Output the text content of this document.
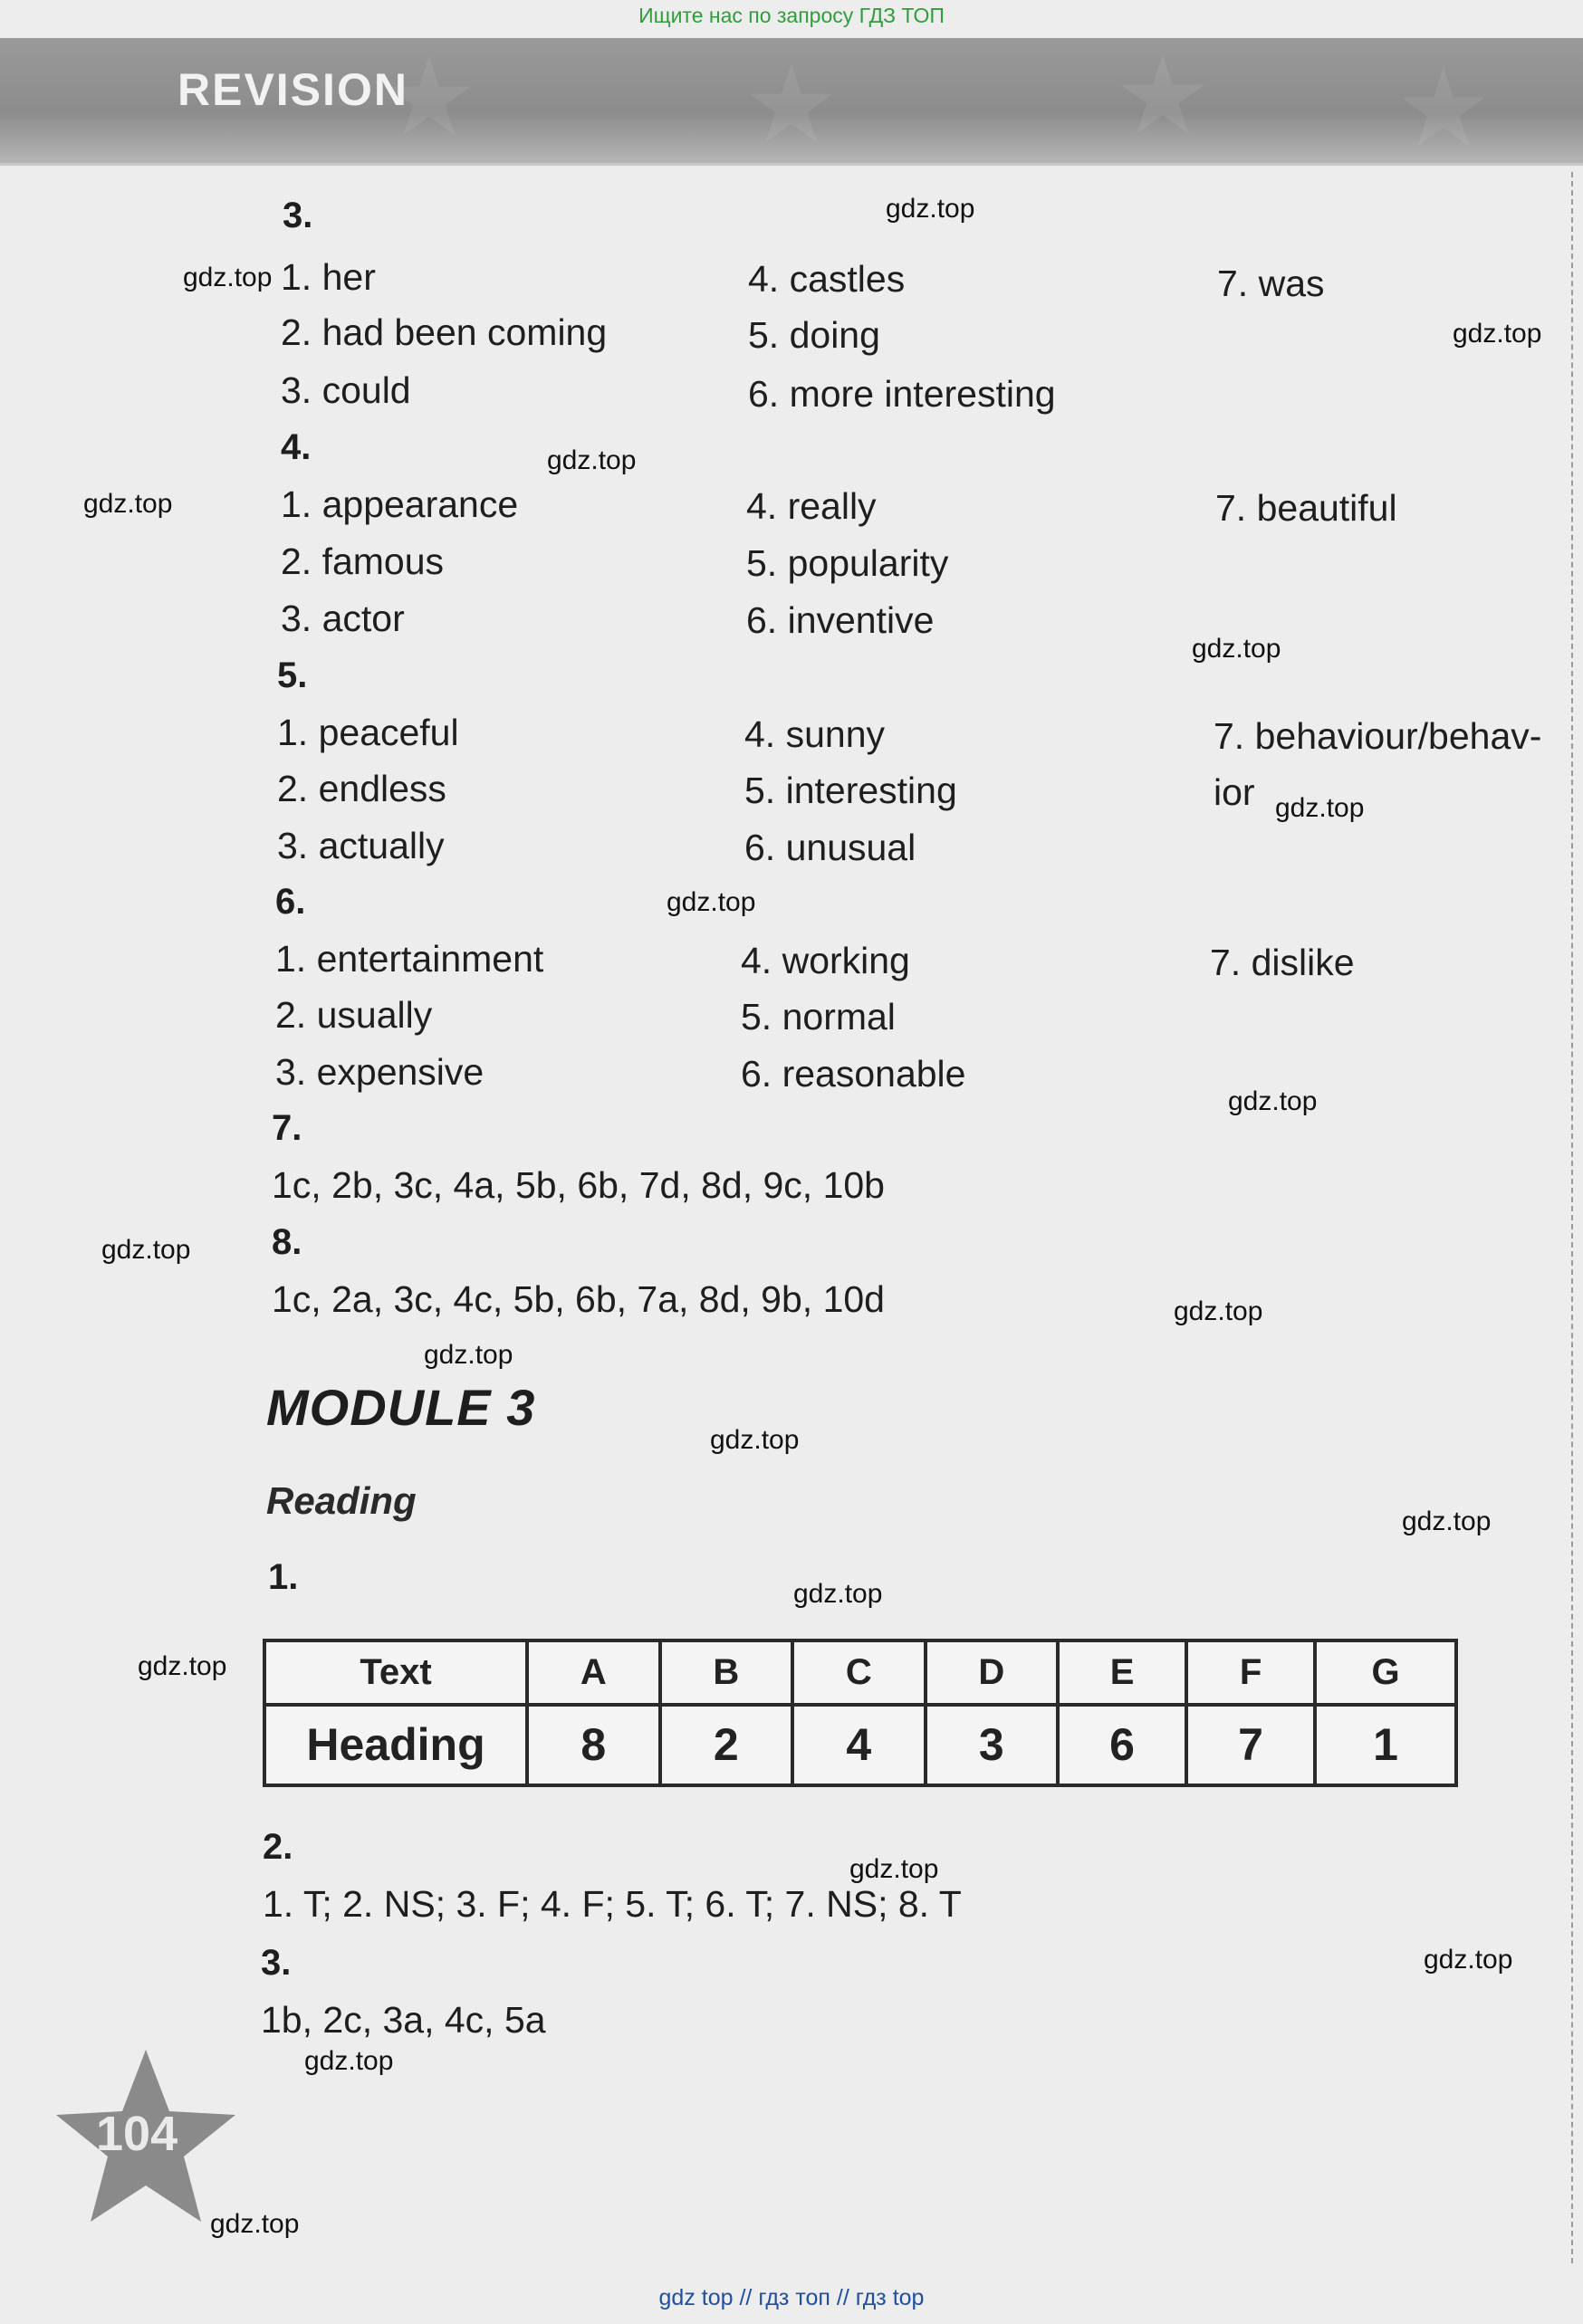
Ищите нас по запросу ГДЗ ТОП
★ ★	★ ★
REVISION
3.
1. her
2. had been coming
3. could
4. castles
5. doing
6. more interesting
7. was
4.
1. appearance
2. famous
3. actor
4. really
5. popularity
6. inventive
7. beautiful
5.
1. peaceful
2. endless
3. actually
4. sunny
5. interesting
6. unusual
7. behaviour/behav-
ior
6.
1. entertainment
2. usually
3. expensive
4. working
5. normal
6. reasonable
7. dislike
7.
1c, 2b, 3c, 4a, 5b, 6b, 7d, 8d, 9c, 10b
8.
1c, 2a, 3c, 4c, 5b, 6b, 7a, 8d, 9b, 10d
MODULE 3
Reading
1.
Text	A	B	C	D	E	F	G
Heading	8	2	4	3	6	7	1
2.
1. T; 2. NS; 3. F; 4. F; 5. T; 6. T; 7. NS; 8. T
3.
1b, 2c, 3a, 4c, 5a
104
gdz.top
gdz.top
gdz.top
gdz.top
gdz.top
gdz.top
gdz.top
gdz.top
gdz.top
gdz.top
gdz.top
gdz.top
gdz.top
gdz.top
gdz.top
gdz.top
gdz.top
gdz.top
gdz.top
gdz.top
gdz top // гдз топ // гдз top
